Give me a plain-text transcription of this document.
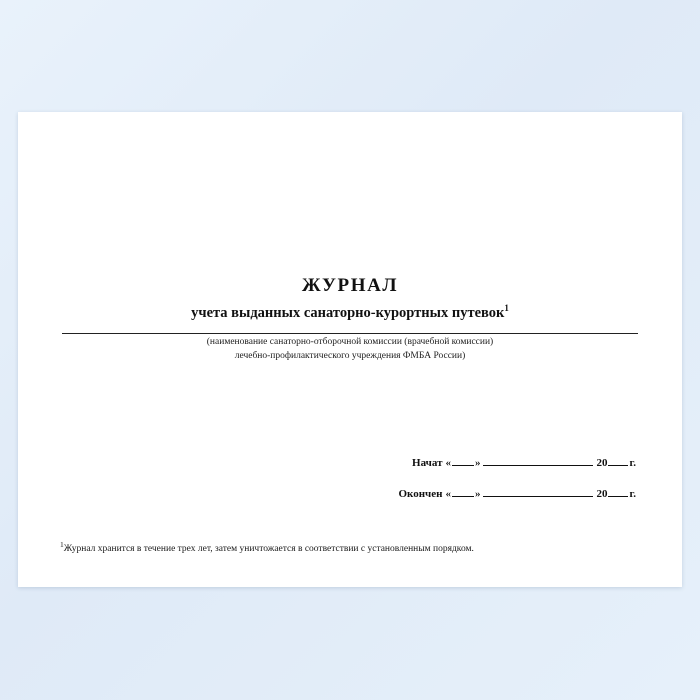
ЖУРНАЛ
учета выданных санаторно-курортных путевок$^1$
(наименование санаторно-отборочной комиссии (врачебной комиссии)
лечебно-профилактического учреждения ФМБА России)
Начат « »	20 г.
Окончен « »	20 г.
$^1$Журнал хранится в течение трех лет, затем уничтожается в соответствии с установленным порядком.
